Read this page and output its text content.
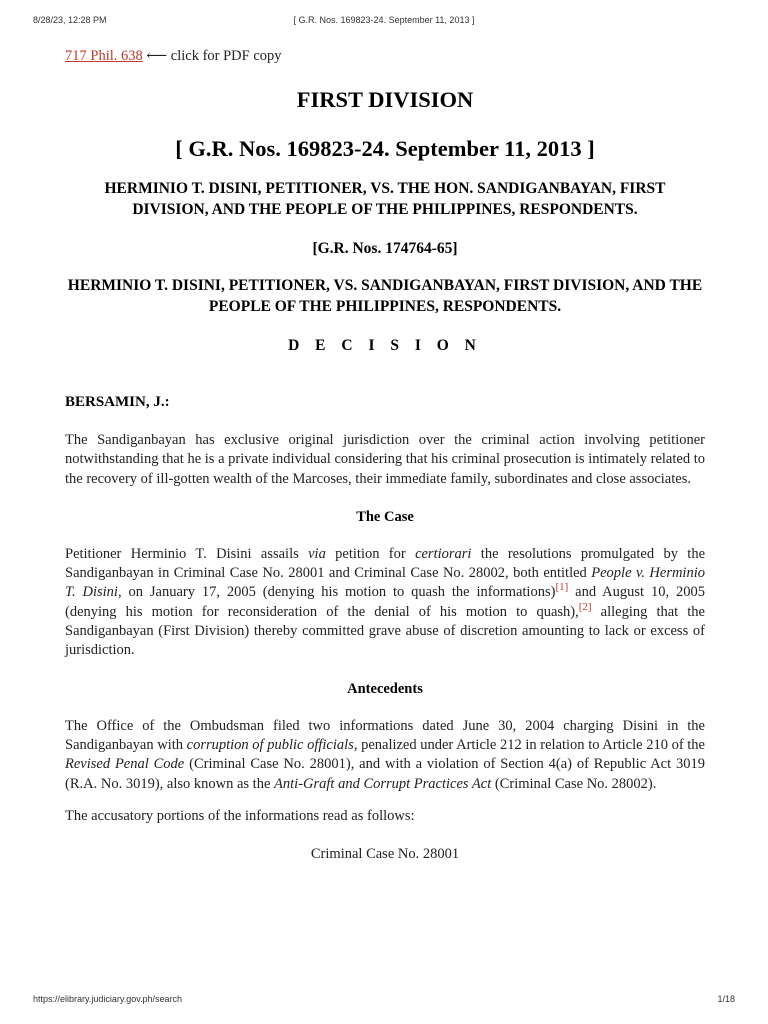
8/28/23, 12:28 PM	[ G.R. Nos. 169823-24. September 11, 2013 ]

717 Phil. 638 ⟵ click for PDF copy

FIRST DIVISION
[ G.R. Nos. 169823-24. September 11, 2013 ]

HERMINIO T. DISINI, PETITIONER, VS. THE HON. SANDIGANBAYAN, FIRST DIVISION, AND THE PEOPLE OF THE PHILIPPINES, RESPONDENTS.

[G.R. Nos. 174764-65]

HERMINIO T. DISINI, PETITIONER, VS. SANDIGANBAYAN, FIRST DIVISION, AND THE PEOPLE OF THE PHILIPPINES, RESPONDENTS.

D E C I S I O N

BERSAMIN, J.:

The Sandiganbayan has exclusive original jurisdiction over the criminal action involving petitioner notwithstanding that he is a private individual considering that his criminal prosecution is intimately related to the recovery of ill-gotten wealth of the Marcoses, their immediate family, subordinates and close associates.

The Case

Petitioner Herminio T. Disini assails via petition for certiorari the resolutions promulgated by the Sandiganbayan in Criminal Case No. 28001 and Criminal Case No. 28002, both entitled People v. Herminio T. Disini, on January 17, 2005 (denying his motion to quash the informations)[1] and August 10, 2005 (denying his motion for reconsideration of the denial of his motion to quash),[2] alleging that the Sandiganbayan (First Division) thereby committed grave abuse of discretion amounting to lack or excess of jurisdiction.

Antecedents

The Office of the Ombudsman filed two informations dated June 30, 2004 charging Disini in the Sandiganbayan with corruption of public officials, penalized under Article 212 in relation to Article 210 of the Revised Penal Code (Criminal Case No. 28001), and with a violation of Section 4(a) of Republic Act 3019 (R.A. No. 3019), also known as the Anti-Graft and Corrupt Practices Act (Criminal Case No. 28002).

The accusatory portions of the informations read as follows:

Criminal Case No. 28001

https://elibrary.judiciary.gov.ph/search	1/18
